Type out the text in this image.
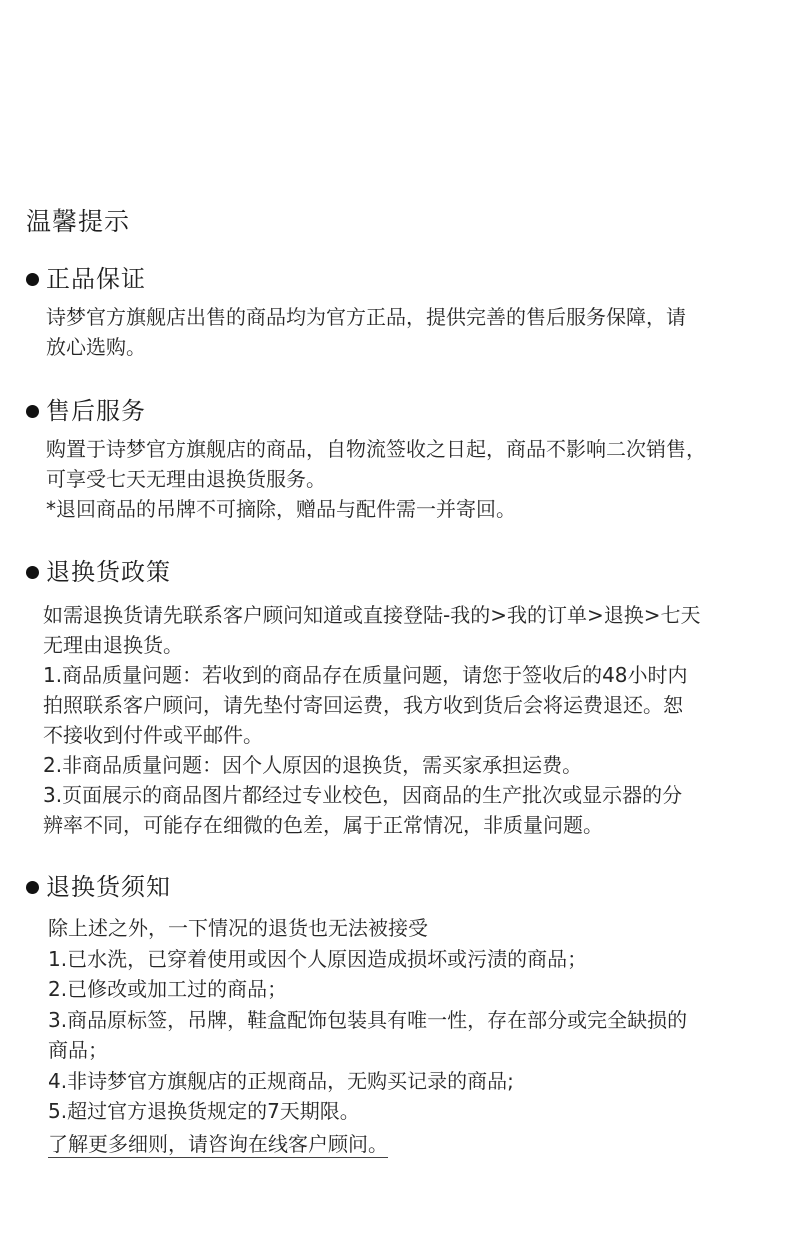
温馨提示
正品保证
诗梦官方旗舰店出售的商品均为官方正品，提供完善的售后服务保障，请
放心选购。
售后服务
购置于诗梦官方旗舰店的商品，自物流签收之日起，商品不影响二次销售，
可享受七天无理由退换货服务。
*退回商品的吊牌不可摘除，赠品与配件需一并寄回。
退换货政策
如需退换货请先联系客户顾问知道或直接登陆-我的>我的订单>退换>七天
无理由退换货。
1.商品质量问题：若收到的商品存在质量问题，请您于签收后的48小时内
拍照联系客户顾问，请先垫付寄回运费，我方收到货后会将运费退还。恕
不接收到付件或平邮件。
2.非商品质量问题：因个人原因的退换货，需买家承担运费。
3.页面展示的商品图片都经过专业校色，因商品的生产批次或显示器的分
辨率不同，可能存在细微的色差，属于正常情况，非质量问题。
退换货须知
除上述之外，一下情况的退货也无法被接受
1.已水洗，已穿着使用或因个人原因造成损坏或污渍的商品；
2.已修改或加工过的商品；
3.商品原标签，吊牌，鞋盒配饰包装具有唯一性，存在部分或完全缺损的
商品；
4.非诗梦官方旗舰店的正规商品，无购买记录的商品;
5.超过官方退换货规定的7天期限。
了解更多细则，请咨询在线客户顾问。
